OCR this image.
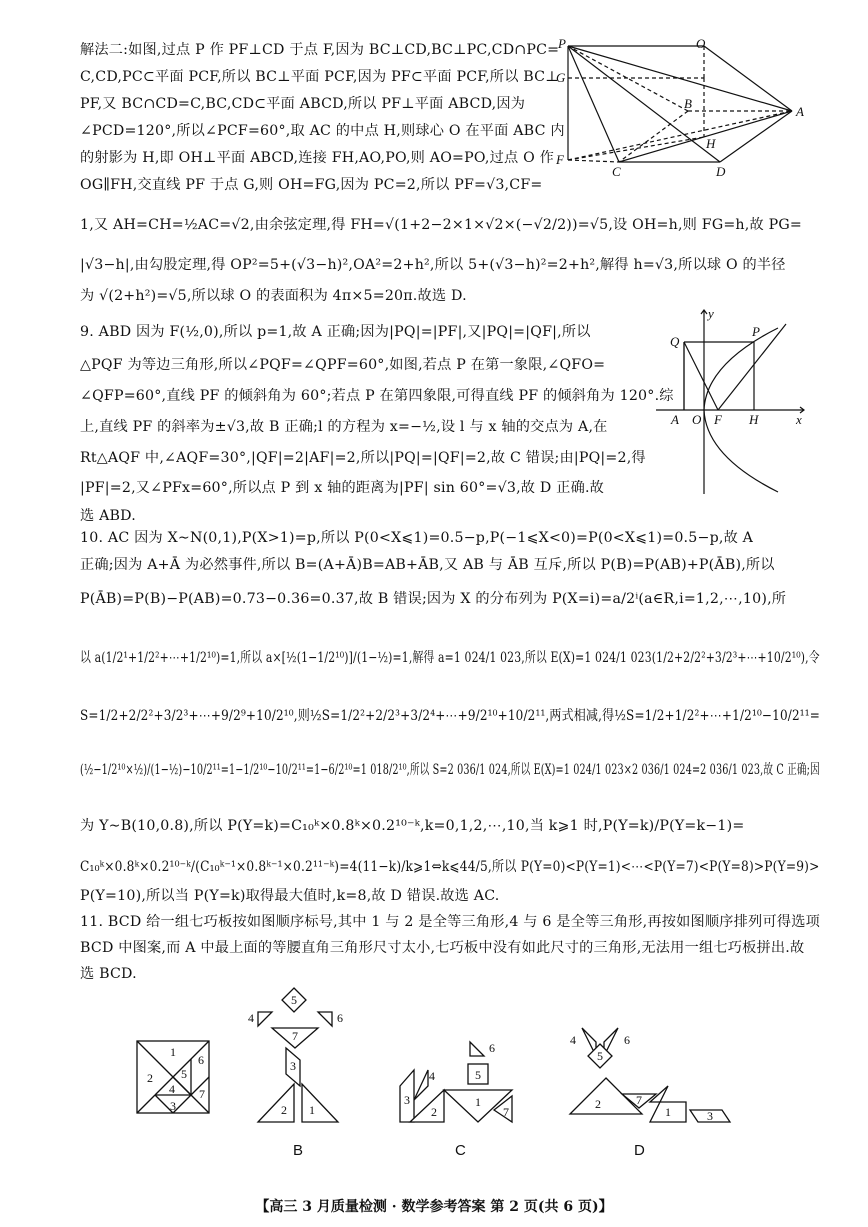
解法二:如图,过点 P 作 PF⊥CD 于点 F,因为 BC⊥CD,BC⊥PC,CD∩PC=
C,CD,PC⊂平面 PCF,所以 BC⊥平面 PCF,因为 PF⊂平面 PCF,所以 BC⊥
PF,又 BC∩CD=C,BC,CD⊂平面 ABCD,所以 PF⊥平面 ABCD,因为
∠PCD=120°,所以∠PCF=60°,取 AC 的中点 H,则球心 O 在平面 ABC 内
的射影为 H,即 OH⊥平面 ABCD,连接 FH,AO,PO,则 AO=PO,过点 O 作
OG∥FH,交直线 PF 于点 G,则 OH=FG,因为 PC=2,所以 PF=√3,CF=
1,又 AH=CH=½AC=√2,由余弦定理,得 FH=√(1+2−2×1×√2×(−√2/2))=√5,设 OH=h,则 FG=h,故 PG=
|√3−h|,由勾股定理,得 OP²=5+(√3−h)²,OA²=2+h²,所以 5+(√3−h)²=2+h²,解得 h=√3,所以球 O 的半径
为 √(2+h²)=√5,所以球 O 的表面积为 4π×5=20π.故选 D.
P	O
G
B
A
H
F
C	D
9. ABD 因为 F(½,0),所以 p=1,故 A 正确;因为|PQ|=|PF|,又|PQ|=|QF|,所以
△PQF 为等边三角形,所以∠PQF=∠QPF=60°,如图,若点 P 在第一象限,∠QFO=
∠QFP=60°,直线 PF 的倾斜角为 60°;若点 P 在第四象限,可得直线 PF 的倾斜角为 120°.综
上,直线 PF 的斜率为±√3,故 B 正确;l 的方程为 x=−½,设 l 与 x 轴的交点为 A,在
Rt△AQF 中,∠AQF=30°,|QF|=2|AF|=2,所以|PQ|=|QF|=2,故 C 错误;由|PQ|=2,得
|PF|=2,又∠PFx=60°,所以点 P 到 x 轴的距离为|PF| sin 60°=√3,故 D 正确.故
选 ABD.
y
Q
P
A O F H	x
10. AC 因为 X∼N(0,1),P(X>1)=p,所以 P(0<X⩽1)=0.5−p,P(−1⩽X<0)=P(0<X⩽1)=0.5−p,故 A
正确;因为 A+Ā 为必然事件,所以 B=(A+Ā)B=AB+ĀB,又 AB 与 ĀB 互斥,所以 P(B)=P(AB)+P(ĀB),所以
P(ĀB)=P(B)−P(AB)=0.73−0.36=0.37,故 B 错误;因为 X 的分布列为 P(X=i)=a/2ⁱ(a∈R,i=1,2,⋯,10),所
以 a(1/2¹+1/2²+⋯+1/2¹⁰)=1,所以 a×[½(1−1/2¹⁰)]/(1−½)=1,解得 a=1 024/1 023,所以 E(X)=1 024/1 023(1/2+2/2²+3/2³+⋯+10/2¹⁰),令
S=1/2+2/2²+3/2³+⋯+9/2⁹+10/2¹⁰,则½S=1/2²+2/2³+3/2⁴+⋯+9/2¹⁰+10/2¹¹,两式相减,得½S=1/2+1/2²+⋯+1/2¹⁰−10/2¹¹=
(½−1/2¹⁰×½)/(1−½)−10/2¹¹=1−1/2¹⁰−10/2¹¹=1−6/2¹⁰=1 018/2¹⁰,所以 S=2 036/1 024,所以 E(X)=1 024/1 023×2 036/1 024=2 036/1 023,故 C 正确;因
为 Y∼B(10,0.8),所以 P(Y=k)=C₁₀ᵏ×0.8ᵏ×0.2¹⁰⁻ᵏ,k=0,1,2,⋯,10,当 k⩾1 时,P(Y=k)/P(Y=k−1)=
C₁₀ᵏ×0.8ᵏ×0.2¹⁰⁻ᵏ/(C₁₀ᵏ⁻¹×0.8ᵏ⁻¹×0.2¹¹⁻ᵏ)=4(11−k)/k⩾1⇔k⩽44/5,所以 P(Y=0)<P(Y=1)<⋯<P(Y=7)<P(Y=8)>P(Y=9)>
P(Y=10),所以当 P(Y=k)取得最大值时,k=8,故 D 错误.故选 AC.
11. BCD 给一组七巧板按如图顺序标号,其中 1 与 2 是全等三角形,4 与 6 是全等三角形,再按如图顺序排列可得选项
BCD 中图案,而 A 中最上面的等腰直角三角形尺寸太小,七巧板中没有如此尺寸的三角形,无法用一组七巧板拼出.故
选 BCD.
1
2
4
5
6
3
7
5
4	6
7
3
2 1
6
5
4
3
2
1
7
4	6
5
2	7
1	3
B	C	D
【高三 3 月质量检测 · 数学参考答案 第 2 页(共 6 页)】
